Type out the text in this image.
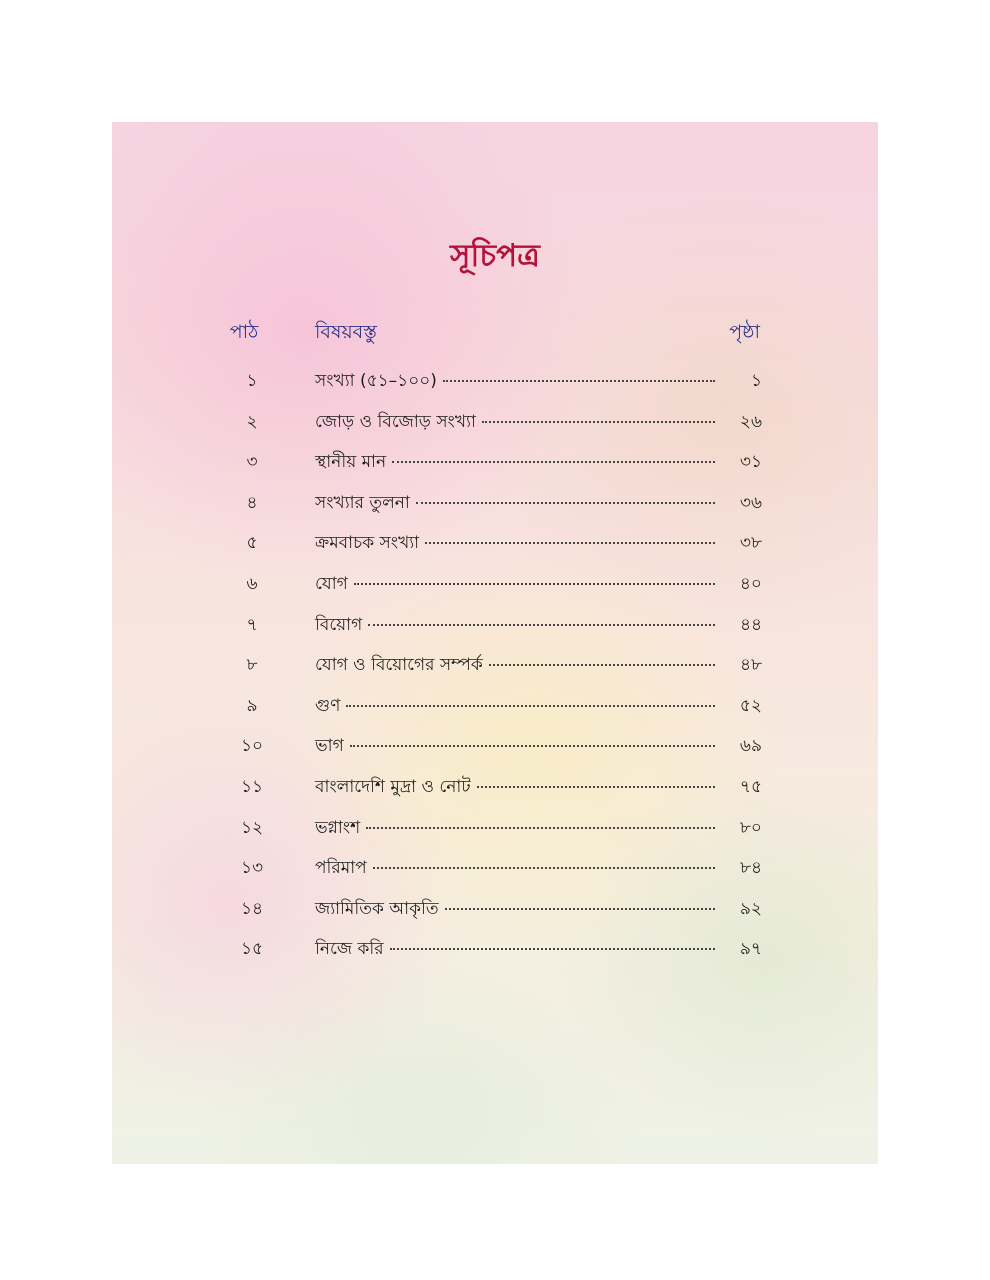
সূচিপত্র
পাঠ	বিষয়বস্তু	পৃষ্ঠা
১	সংখ্যা (৫১–১০০)	১
২	জোড় ও বিজোড় সংখ্যা	২৬
৩	স্থানীয় মান	৩১
৪	সংখ্যার তুলনা	৩৬
৫	ক্রমবাচক সংখ্যা	৩৮
৬	যোগ	৪০
৭	বিয়োগ	৪৪
৮	যোগ ও বিয়োগের সম্পর্ক	৪৮
৯	গুণ	৫২
১০	ভাগ	৬৯
১১	বাংলাদেশি মুদ্রা ও নোট	৭৫
১২	ভগ্নাংশ	৮০
১৩	পরিমাপ	৮৪
১৪	জ্যামিতিক আকৃতি	৯২
১৫	নিজে করি	৯৭
